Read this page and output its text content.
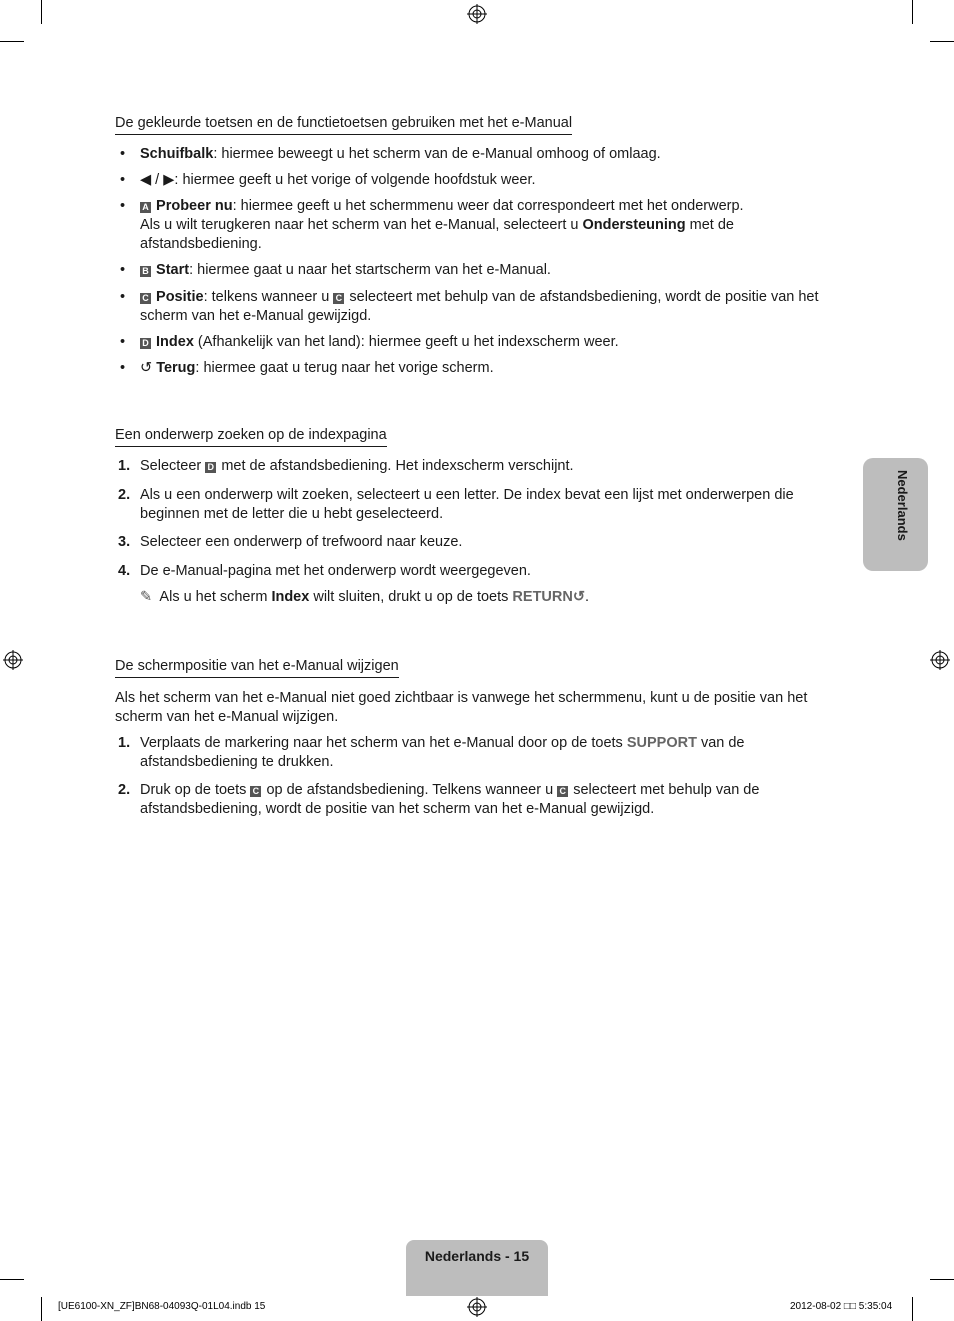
De gekleurde toetsen en de functietoetsen gebruiken met het e-Manual
• Schuifbalk: hiermee beweegt u het scherm van de e-Manual omhoog of omlaag.
• ◀ / ▶: hiermee geeft u het vorige of volgende hoofdstuk weer.
• A Probeer nu: hiermee geeft u het schermmenu weer dat correspondeert met het onderwerp.
Als u wilt terugkeren naar het scherm van het e-Manual, selecteert u Ondersteuning met de afstandsbediening.
• B Start: hiermee gaat u naar het startscherm van het e-Manual.
• C Positie: telkens wanneer u C selecteert met behulp van de afstandsbediening, wordt de positie van het scherm van het e-Manual gewijzigd.
• D Index (Afhankelijk van het land): hiermee geeft u het indexscherm weer.
• ↺ Terug: hiermee gaat u terug naar het vorige scherm.
Een onderwerp zoeken op de indexpagina
1. Selecteer D met de afstandsbediening. Het indexscherm verschijnt.
2. Als u een onderwerp wilt zoeken, selecteert u een letter. De index bevat een lijst met onderwerpen die beginnen met de letter die u hebt geselecteerd.
3. Selecteer een onderwerp of trefwoord naar keuze.
4. De e-Manual-pagina met het onderwerp wordt weergegeven.
✎ Als u het scherm Index wilt sluiten, drukt u op de toets RETURN↺.
De schermpositie van het e-Manual wijzigen
Als het scherm van het e-Manual niet goed zichtbaar is vanwege het schermmenu, kunt u de positie van het scherm van het e-Manual wijzigen.
1. Verplaats de markering naar het scherm van het e-Manual door op de toets SUPPORT van de afstandsbediening te drukken.
2. Druk op de toets C op de afstandsbediening. Telkens wanneer u C selecteert met behulp van de afstandsbediening, wordt de positie van het scherm van het e-Manual gewijzigd.
Nederlands
Nederlands - 15
[UE6100-XN_ZF]BN68-04093Q-01L04.indb 15	2012-08-02 □□ 5:35:04
